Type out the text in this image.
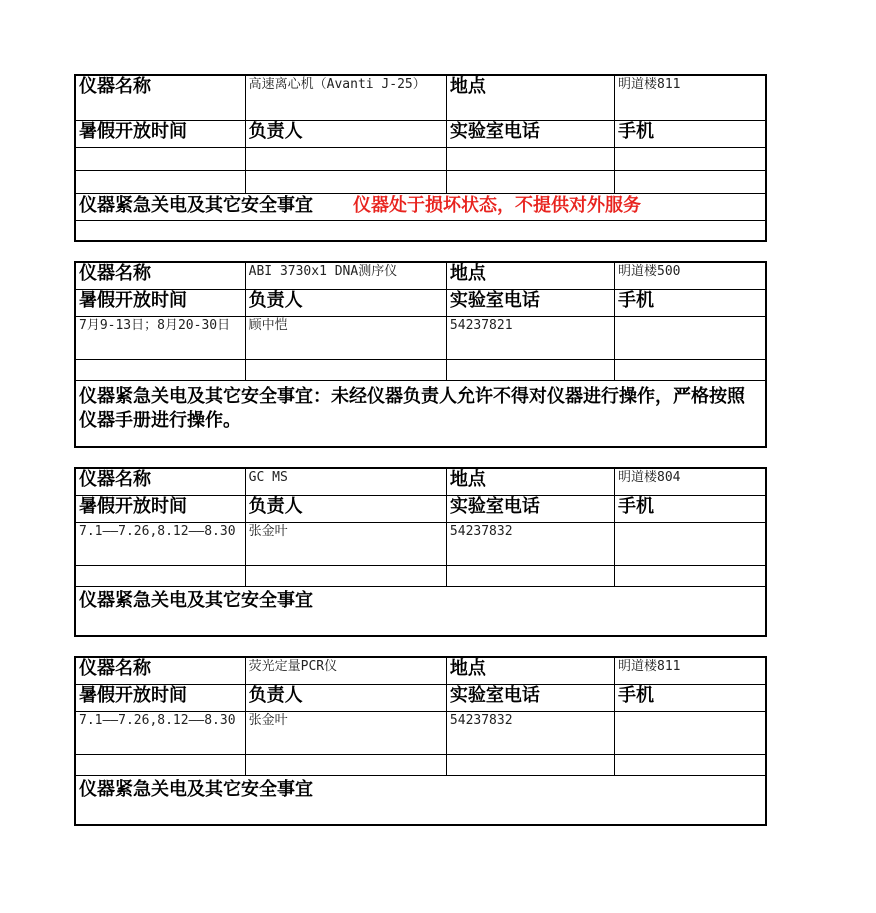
仪器名称	高速离心机（Avanti J-25）	地点	明道楼811
暑假开放时间	负责人	实验室电话	手机

仪器紧急关电及其它安全事宜 仪器处于损坏状态，不提供对外服务			

仪器名称	ABI 3730x1 DNA测序仪	地点	明道楼500
暑假开放时间	负责人	实验室电话	手机
7月9-13日；8月20-30日	顾中恺	54237821	

仪器紧急关电及其它安全事宜：未经仪器负责人允许不得对仪器进行操作，严格按照仪器手册进行操作。			
仪器名称	GC MS	地点	明道楼804
暑假开放时间	负责人	实验室电话	手机
7.1——7.26,8.12——8.30	张金叶	54237832	

仪器紧急关电及其它安全事宜			
仪器名称	荧光定量PCR仪	地点	明道楼811
暑假开放时间	负责人	实验室电话	手机
7.1——7.26,8.12——8.30	张金叶	54237832	

仪器紧急关电及其它安全事宜			
